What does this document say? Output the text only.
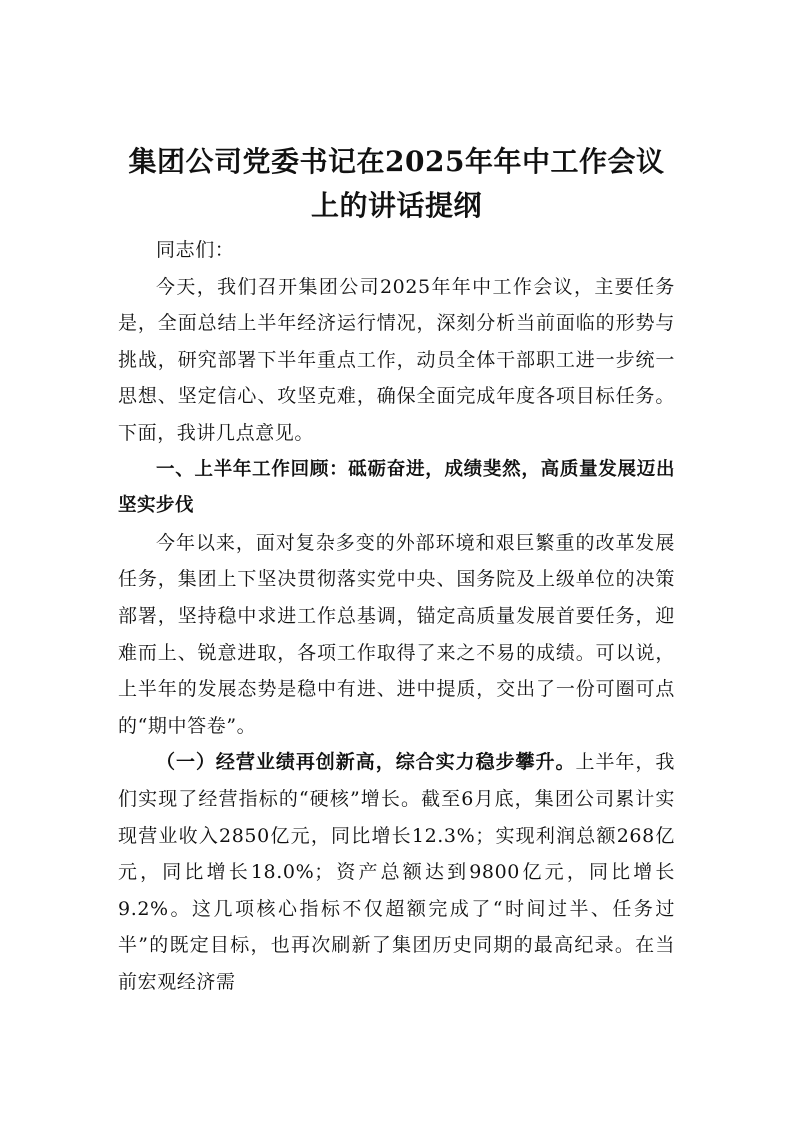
集团公司党委书记在2025年年中工作会议上的讲话提纲

同志们：

今天，我们召开集团公司2025年年中工作会议，主要任务是，全面总结上半年经济运行情况，深刻分析当前面临的形势与挑战，研究部署下半年重点工作，动员全体干部职工进一步统一思想、坚定信心、攻坚克难，确保全面完成年度各项目标任务。下面，我讲几点意见。

一、上半年工作回顾：砥砺奋进，成绩斐然，高质量发展迈出坚实步伐

今年以来，面对复杂多变的外部环境和艰巨繁重的改革发展任务，集团上下坚决贯彻落实党中央、国务院及上级单位的决策部署，坚持稳中求进工作总基调，锚定高质量发展首要任务，迎难而上、锐意进取，各项工作取得了来之不易的成绩。可以说，上半年的发展态势是稳中有进、进中提质，交出了一份可圈可点的“期中答卷”。

（一）经营业绩再创新高，综合实力稳步攀升。上半年，我们实现了经营指标的“硬核”增长。截至6月底，集团公司累计实现营业收入2850亿元，同比增长12.3%；实现利润总额268亿元，同比增长18.0%；资产总额达到9800亿元，同比增长9.2%。这几项核心指标不仅超额完成了“时间过半、任务过半”的既定目标，也再次刷新了集团历史同期的最高纪录。在当前宏观经济需
